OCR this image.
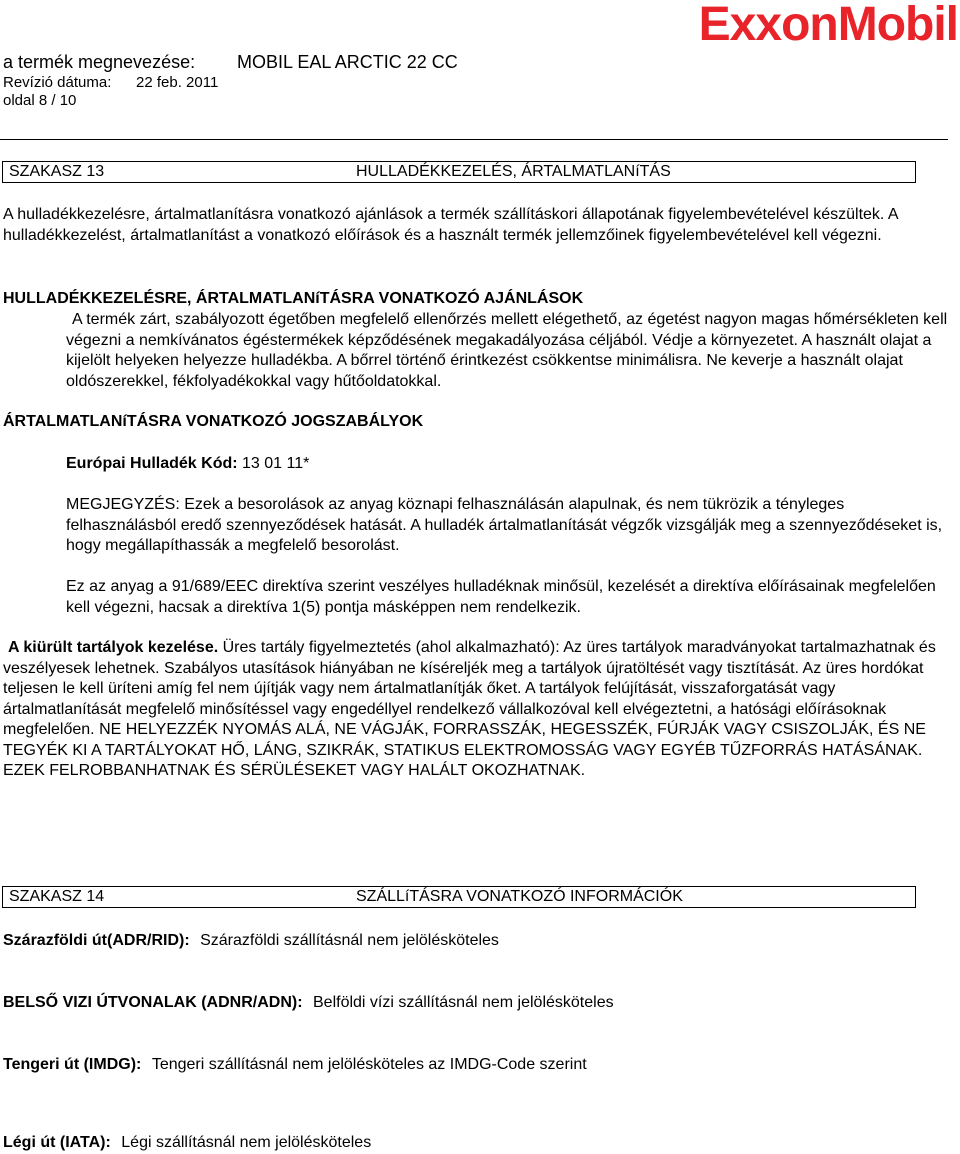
ExxonMobil
a termék megnevezése: MOBIL EAL ARCTIC 22 CC
Revízió dátuma: 22 feb. 2011
oldal 8 / 10
SZAKASZ 13	HULLADÉKKEZELÉS, ÁRTALMATLANíTÁS

A hulladékkezelésre, ártalmatlanításra vonatkozó ajánlások a termék szállításkori állapotának figyelembevételével készültek. A hulladékkezelést, ártalmatlanítást a vonatkozó előírások és a használt termék jellemzőinek figyelembevételével kell végezni.

HULLADÉKKEZELÉSRE, ÁRTALMATLANíTÁSRA VONATKOZÓ AJÁNLÁSOK

A termék zárt, szabályozott égetőben megfelelő ellenőrzés mellett elégethető, az égetést nagyon magas hőmérsékleten kell végezni a nemkívánatos égéstermékek képződésének megakadályozása céljából. Védje a környezetet. A használt olajat a kijelölt helyeken helyezze hulladékba. A bőrrel történő érintkezést csökkentse minimálisra. Ne keverje a használt olajat oldószerekkel, fékfolyadékokkal vagy hűtőoldatokkal.

ÁRTALMATLANíTÁSRA VONATKOZÓ JOGSZABÁLYOK
Európai Hulladék Kód: 13 01 11*

MEGJEGYZÉS: Ezek a besorolások az anyag köznapi felhasználásán alapulnak, és nem tükrözik a tényleges felhasználásból eredő szennyeződések hatását. A hulladék ártalmatlanítását végzők vizsgálják meg a szennyeződéseket is, hogy megállapíthassák a megfelelő besorolást.

Ez az anyag a 91/689/EEC direktíva szerint veszélyes hulladéknak minősül, kezelését a direktíva előírásainak megfelelően kell végezni, hacsak a direktíva 1(5) pontja másképpen nem rendelkezik.

A kiürült tartályok kezelése. Üres tartály figyelmeztetés (ahol alkalmazható): Az üres tartályok maradványokat tartalmazhatnak és veszélyesek lehetnek. Szabályos utasítások hiányában ne kíséreljék meg a tartályok újratöltését vagy tisztítását. Az üres hordókat teljesen le kell üríteni amíg fel nem újítják vagy nem ártalmatlanítják őket. A tartályok felújítását, visszaforgatását vagy ártalmatlanítását megfelelő minősítéssel vagy engedéllyel rendelkező vállalkozóval kell elvégeztetni, a hatósági előírásoknak megfelelően. NE HELYEZZÉK NYOMÁS ALÁ, NE VÁGJÁK, FORRASSZÁK, HEGESSZÉK, FÚRJÁK VAGY CSISZOLJÁK, ÉS NE TEGYÉK KI A TARTÁLYOKAT HŐ, LÁNG, SZIKRÁK, STATIKUS ELEKTROMOSSÁG VAGY EGYÉB TŰZFORRÁS HATÁSÁNAK. EZEK FELROBBANHATNAK ÉS SÉRÜLÉSEKET VAGY HALÁLT OKOZHATNAK.

SZAKASZ 14	SZÁLLíTÁSRA VONATKOZÓ INFORMÁCIÓK
Szárazföldi út(ADR/RID): Szárazföldi szállításnál nem jelölésköteles
BELSŐ VIZI ÚTVONALAK (ADNR/ADN): Belföldi vízi szállításnál nem jelölésköteles
Tengeri út (IMDG): Tengeri szállításnál nem jelölésköteles az IMDG-Code szerint
Légi út (IATA): Légi szállításnál nem jelölésköteles
